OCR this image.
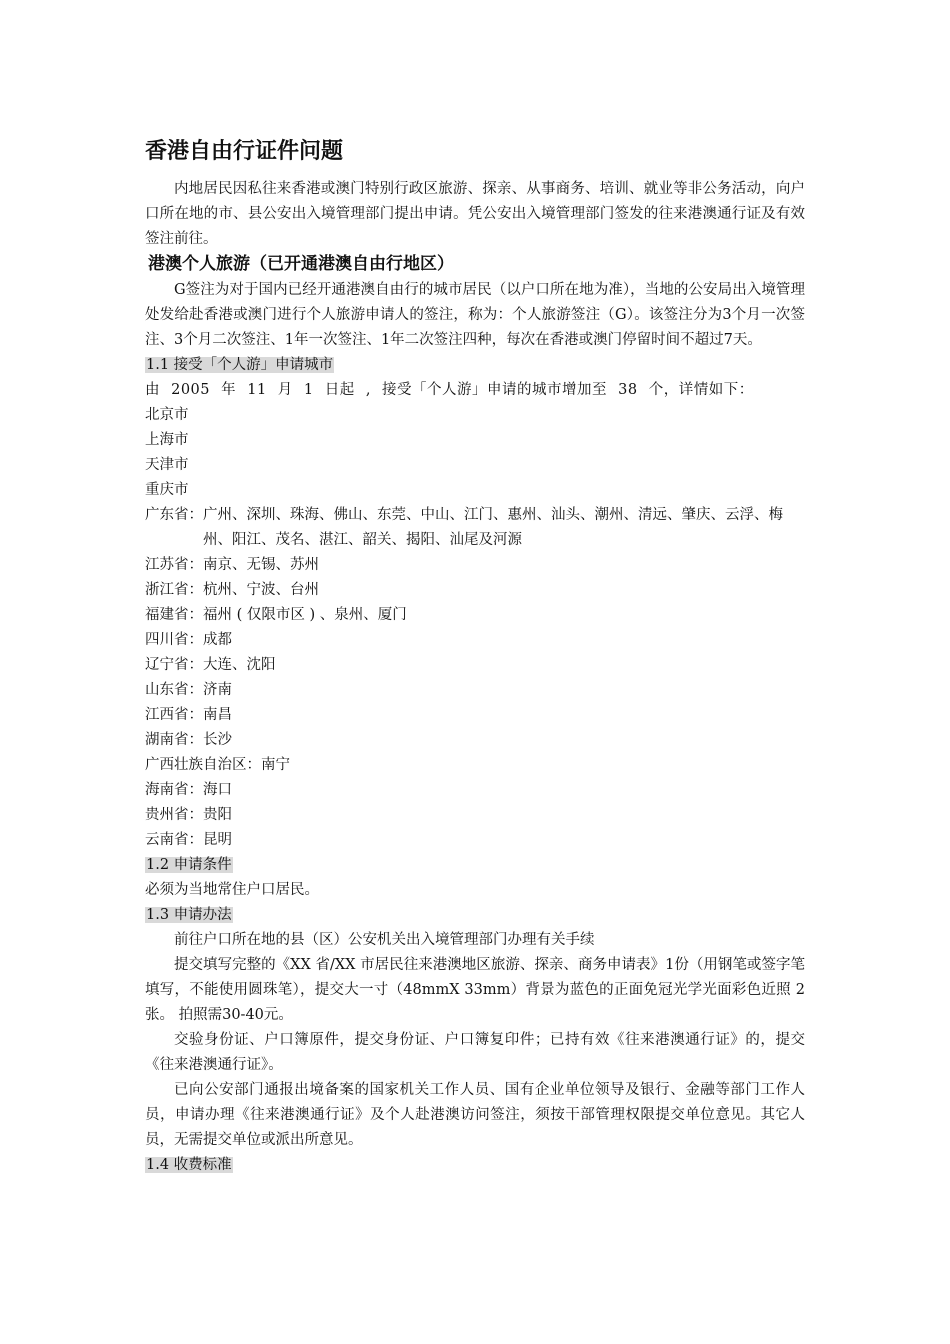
香港自由行证件问题

内地居民因私往来香港或澳门特别行政区旅游、探亲、从事商务、培训、就业等非公务活动，向户口所在地的市、县公安出入境管理部门提出申请。凭公安出入境管理部门签发的往来港澳通行证及有效签注前往。

港澳个人旅游（已开通港澳自由行地区）

G签注为对于国内已经开通港澳自由行的城市居民（以户口所在地为准），当地的公安局出入境管理处发给赴香港或澳门进行个人旅游申请人的签注，称为：个人旅游签注（G）。该签注分为3个月一次签注、3个月二次签注、1年一次签注、1年二次签注四种，每次在香港或澳门停留时间不超过7天。

1.1 接受「个人游」申请城市

由 2005 年 11 月 1 日起 , 接受「个人游」申请的城市增加至 38 个，详情如下：

北京市

上海市

天津市

重庆市

广东省： 广州、深圳、珠海、佛山、东莞、中山、江门、惠州、汕头、潮州、清远、肇庆、云浮、梅州、阳江、茂名、湛江、韶关、揭阳、汕尾及河源
江苏省： 南京、无锡、苏州
浙江省： 杭州、宁波、台州
福建省： 福州 ( 仅限市区 ) 、泉州、厦门
四川省： 成都
辽宁省： 大连、沈阳
山东省： 济南
江西省： 南昌
湖南省： 长沙
广西壮族自治区： 南宁
海南省： 海口
贵州省： 贵阳
云南省： 昆明

1.2 申请条件

必须为当地常住户口居民。

1.3 申请办法

前往户口所在地的县（区）公安机关出入境管理部门办理有关手续

提交填写完整的《XX 省/XX 市居民往来港澳地区旅游、探亲、商务申请表》1份（用钢笔或签字笔填写，不能使用圆珠笔），提交大一寸（48mmX 33mm）背景为蓝色的正面免冠光学光面彩色近照 2 张。 拍照需30-40元。

交验身份证、户口簿原件，提交身份证、户口簿复印件；已持有效《往来港澳通行证》的，提交《往来港澳通行证》。

已向公安部门通报出境备案的国家机关工作人员、国有企业单位领导及银行、金融等部门工作人员，申请办理《往来港澳通行证》及个人赴港澳访问签注，须按干部管理权限提交单位意见。其它人员，无需提交单位或派出所意见。

1.4 收费标准
